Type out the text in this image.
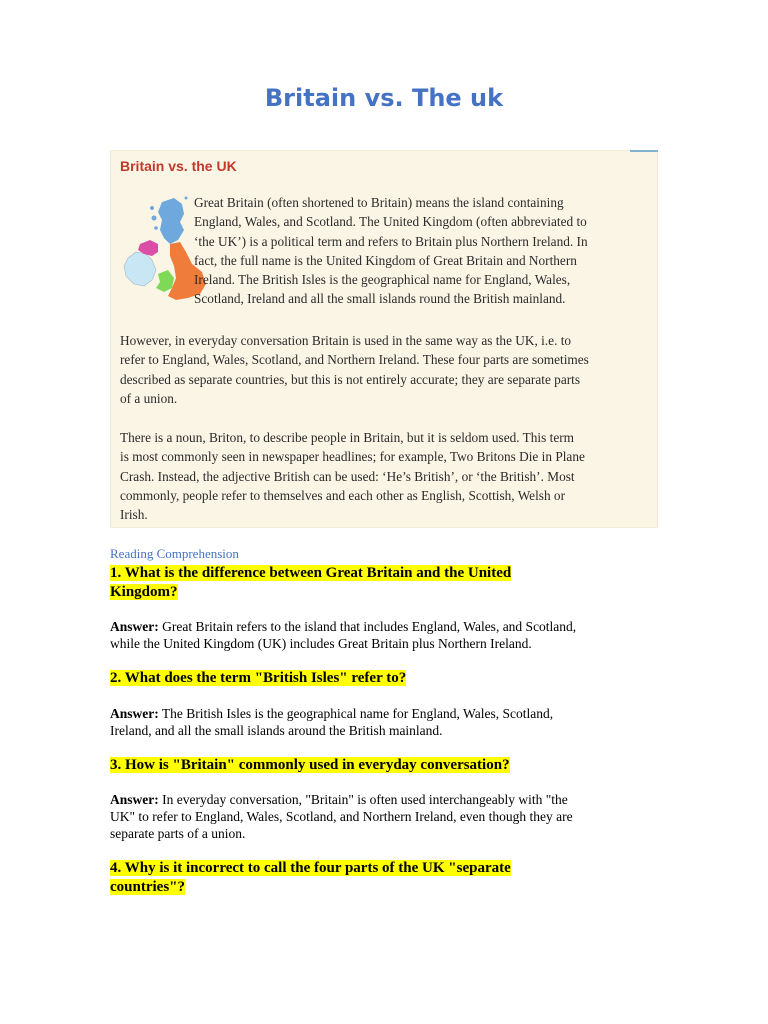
Britain vs. The uk
Britain vs. the UK

Great Britain (often shortened to Britain) means the island containing
England, Wales, and Scotland. The United Kingdom (often abbreviated to
‘the UK’) is a political term and refers to Britain plus Northern Ireland. In
fact, the full name is the United Kingdom of Great Britain and Northern
Ireland. The British Isles is the geographical name for England, Wales,
Scotland, Ireland and all the small islands round the British mainland.

However, in everyday conversation Britain is used in the same way as the UK, i.e. to
refer to England, Wales, Scotland, and Northern Ireland. These four parts are sometimes
described as separate countries, but this is not entirely accurate; they are separate parts
of a union.

There is a noun, Briton, to describe people in Britain, but it is seldom used. This term
is most commonly seen in newspaper headlines; for example, Two Britons Die in Plane
Crash. Instead, the adjective British can be used: ‘He’s British’, or ‘the British’. Most
commonly, people refer to themselves and each other as English, Scottish, Welsh or
Irish.

Reading Comprehension

1. What is the difference between Great Britain and the United
Kingdom?

Answer: Great Britain refers to the island that includes England, Wales, and Scotland,
while the United Kingdom (UK) includes Great Britain plus Northern Ireland.

2. What does the term "British Isles" refer to?

Answer: The British Isles is the geographical name for England, Wales, Scotland,
Ireland, and all the small islands around the British mainland.

3. How is "Britain" commonly used in everyday conversation?

Answer: In everyday conversation, "Britain" is often used interchangeably with "the
UK" to refer to England, Wales, Scotland, and Northern Ireland, even though they are
separate parts of a union.

4. Why is it incorrect to call the four parts of the UK "separate
countries"?
